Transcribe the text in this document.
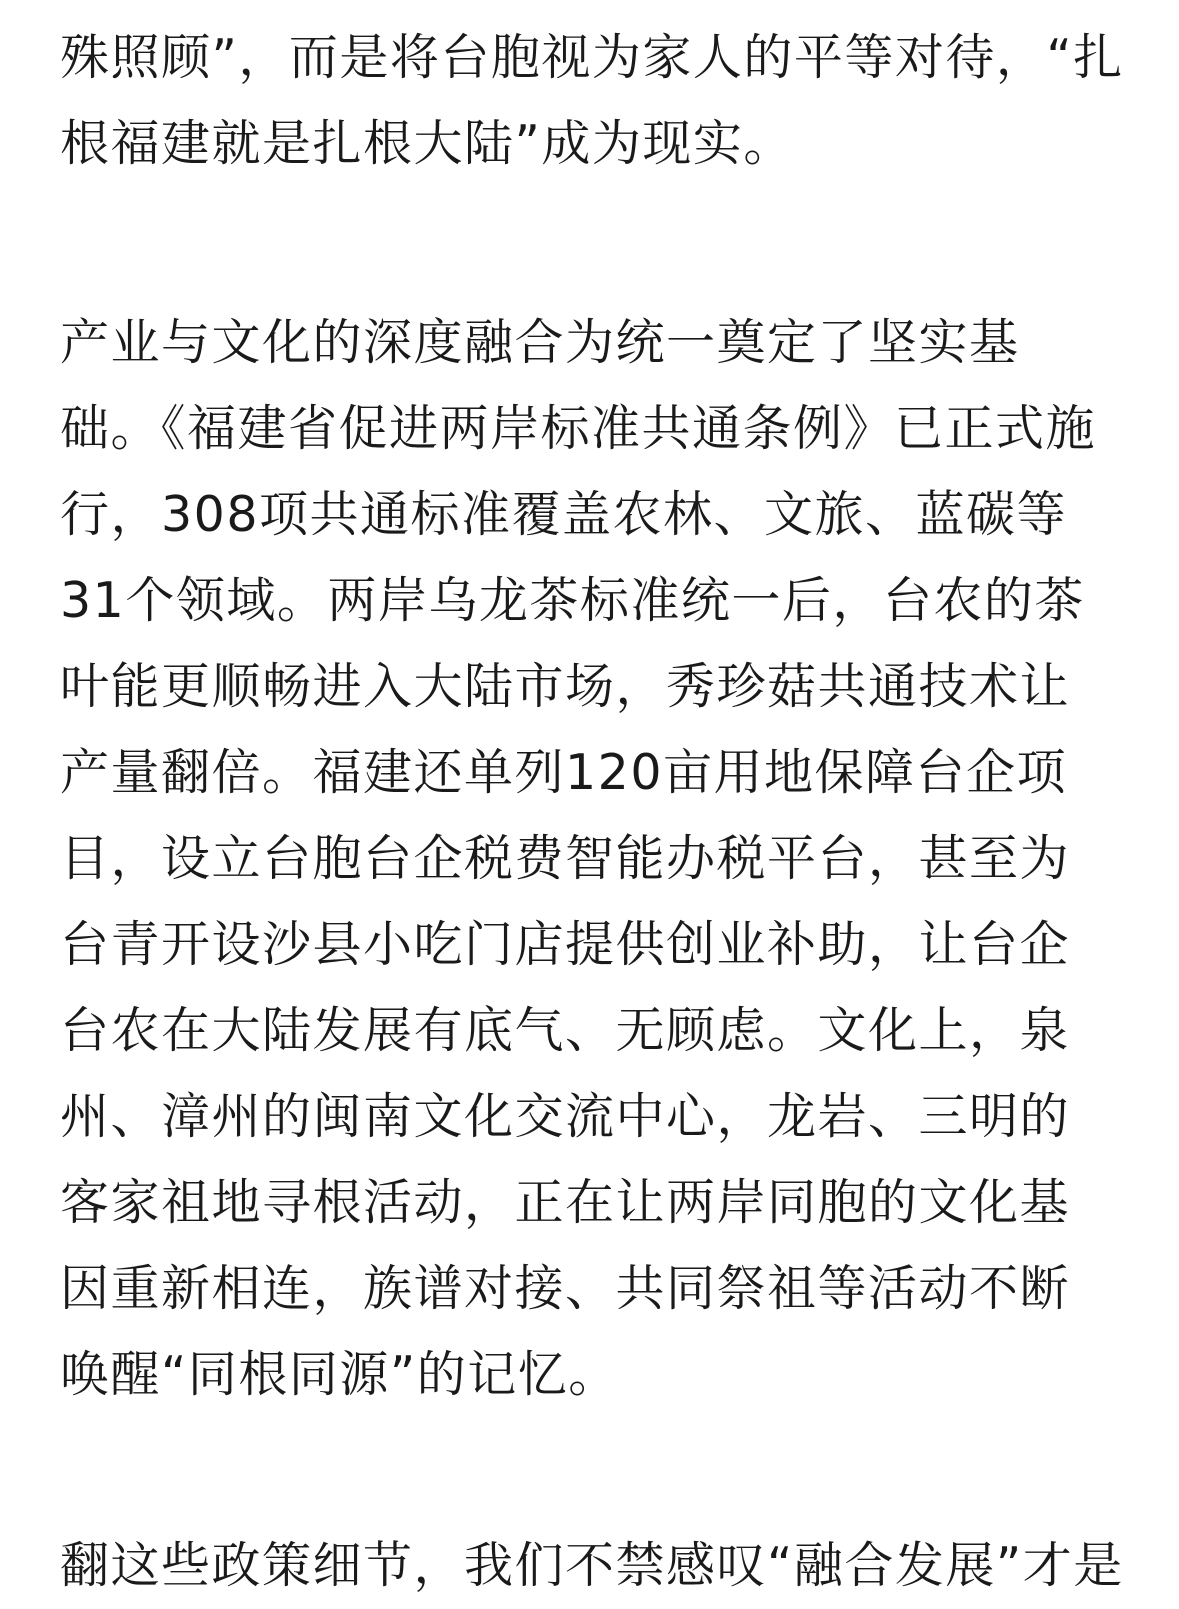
殊照顾”，而是将台胞视为家人的平等对待，“扎
根福建就是扎根大陆”成为现实。
产业与文化的深度融合为统一奠定了坚实基
础。《福建省促进两岸标准共通条例》已正式施
行，308项共通标准覆盖农林、文旅、蓝碳等
31个领域。两岸乌龙茶标准统一后，台农的茶
叶能更顺畅进入大陆市场，秀珍菇共通技术让
产量翻倍。福建还单列120亩用地保障台企项
目，设立台胞台企税费智能办税平台，甚至为
台青开设沙县小吃门店提供创业补助，让台企
台农在大陆发展有底气、无顾虑。文化上，泉
州、漳州的闽南文化交流中心，龙岩、三明的
客家祖地寻根活动，正在让两岸同胞的文化基
因重新相连，族谱对接、共同祭祖等活动不断
唤醒“同根同源”的记忆。
翻这些政策细节，我们不禁感叹“融合发展”才是
